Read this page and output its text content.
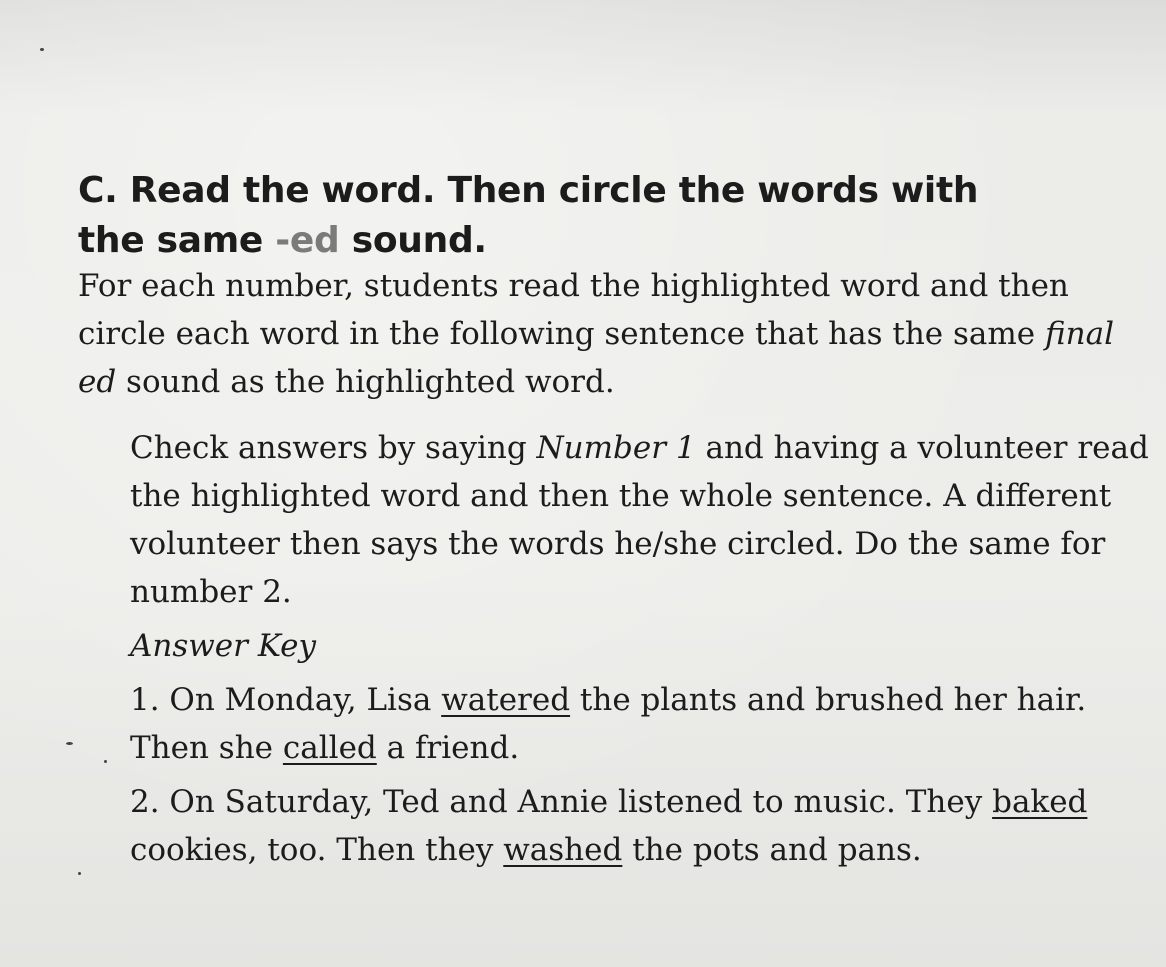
C. Read the word. Then circle the words with
the same -ed sound.

For each number, students read the highlighted word and then circle each word in the following sentence that has the same final ed sound as the highlighted word.

Check answers by saying Number 1 and having a volunteer read the highlighted word and then the whole sentence. A different volunteer then says the words he/she circled. Do the same for number 2.

Answer Key

1. On Monday, Lisa watered the plants and brushed her hair. Then she called a friend.

2. On Saturday, Ted and Annie listened to music. They baked cookies, too. Then they washed the pots and pans.
